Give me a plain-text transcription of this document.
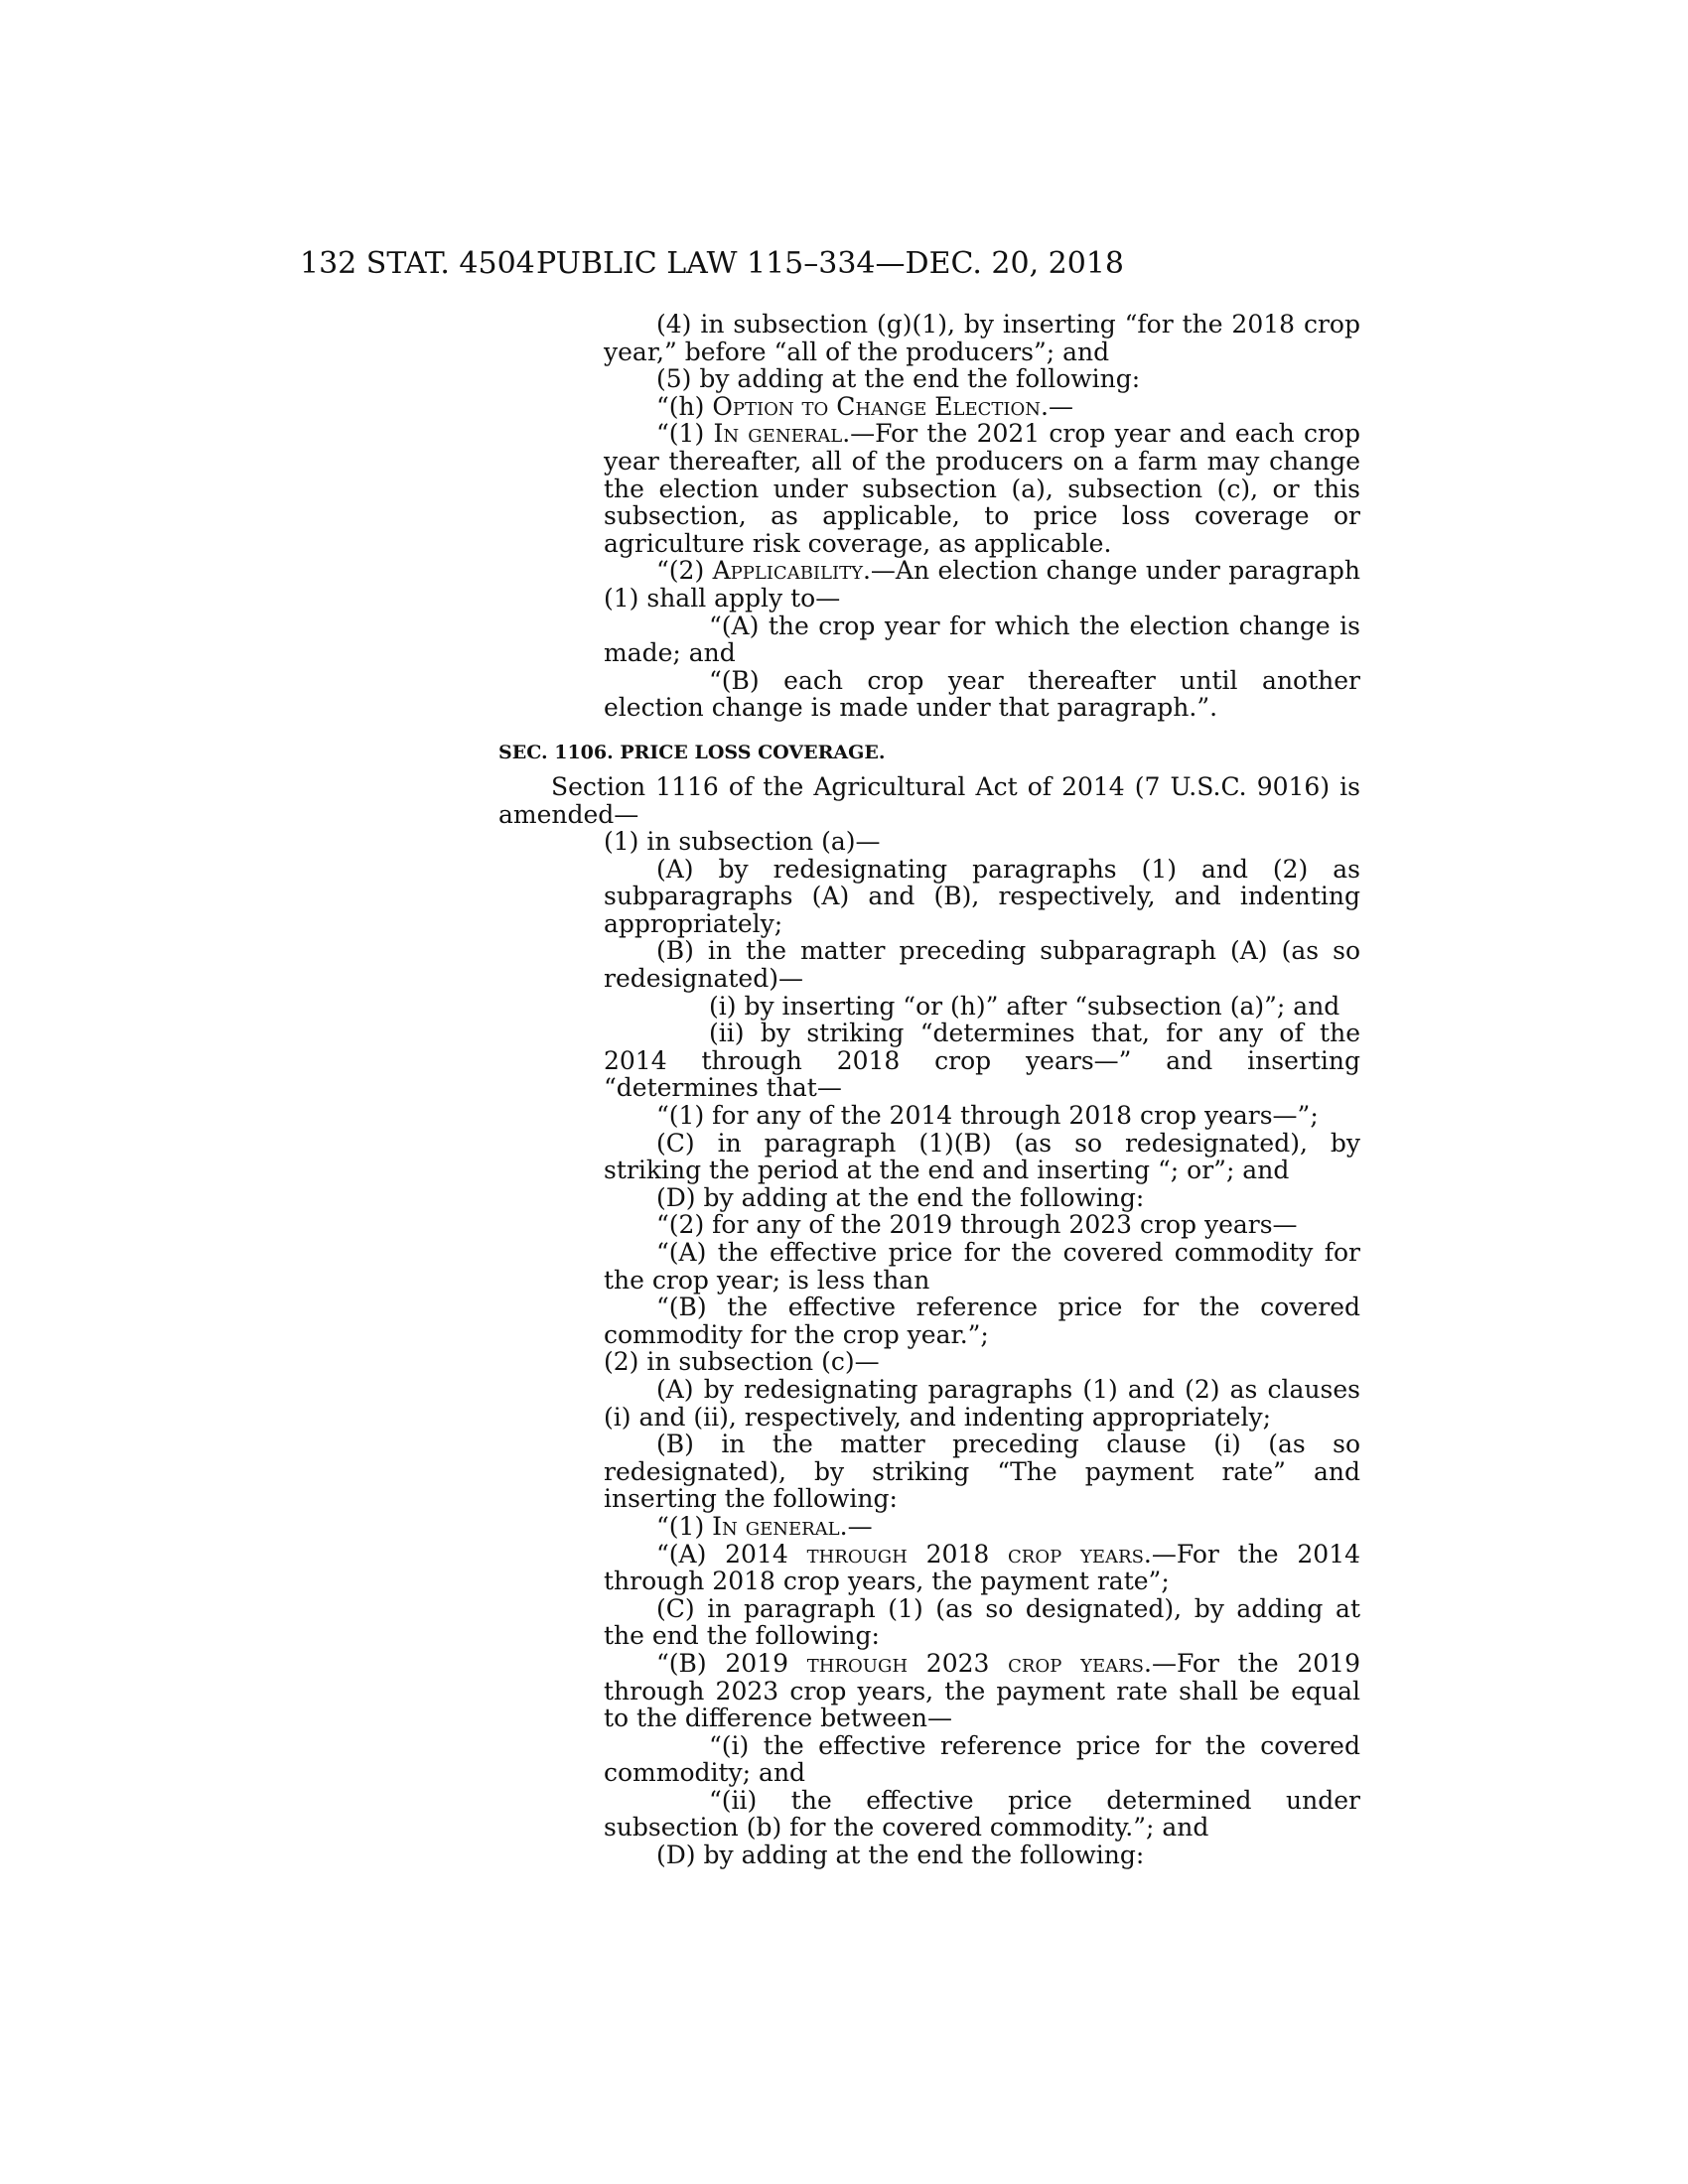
132 STAT. 4504 PUBLIC LAW 115–334—DEC. 20, 2018

(4) in subsection (g)(1), by inserting “for the 2018 crop year,” before “all of the producers”; and

(5) by adding at the end the following:

“(h) Option to Change Election.—

“(1) In general.—For the 2021 crop year and each crop year thereafter, all of the producers on a farm may change the election under subsection (a), subsection (c), or this subsection, as applicable, to price loss coverage or agriculture risk coverage, as applicable.

“(2) Applicability.—An election change under paragraph (1) shall apply to—

“(A) the crop year for which the election change is made; and

“(B) each crop year thereafter until another election change is made under that paragraph.”.

SEC. 1106. PRICE LOSS COVERAGE.

Section 1116 of the Agricultural Act of 2014 (7 U.S.C. 9016) is amended—

(1) in subsection (a)—

(A) by redesignating paragraphs (1) and (2) as subparagraphs (A) and (B), respectively, and indenting appropriately;

(B) in the matter preceding subparagraph (A) (as so redesignated)—

(i) by inserting “or (h)” after “subsection (a)”; and

(ii) by striking “determines that, for any of the 2014 through 2018 crop years—” and inserting “determines that—

“(1) for any of the 2014 through 2018 crop years—”;

(C) in paragraph (1)(B) (as so redesignated), by striking the period at the end and inserting “; or”; and

(D) by adding at the end the following:

“(2) for any of the 2019 through 2023 crop years—

“(A) the effective price for the covered commodity for the crop year; is less than

“(B) the effective reference price for the covered commodity for the crop year.”;

(2) in subsection (c)—

(A) by redesignating paragraphs (1) and (2) as clauses (i) and (ii), respectively, and indenting appropriately;

(B) in the matter preceding clause (i) (as so redesignated), by striking “The payment rate” and inserting the following:

“(1) In general.—

“(A) 2014 through 2018 crop years.—For the 2014 through 2018 crop years, the payment rate”;

(C) in paragraph (1) (as so designated), by adding at the end the following:

“(B) 2019 through 2023 crop years.—For the 2019 through 2023 crop years, the payment rate shall be equal to the difference between—

“(i) the effective reference price for the covered commodity; and

“(ii) the effective price determined under subsection (b) for the covered commodity.”; and

(D) by adding at the end the following:
